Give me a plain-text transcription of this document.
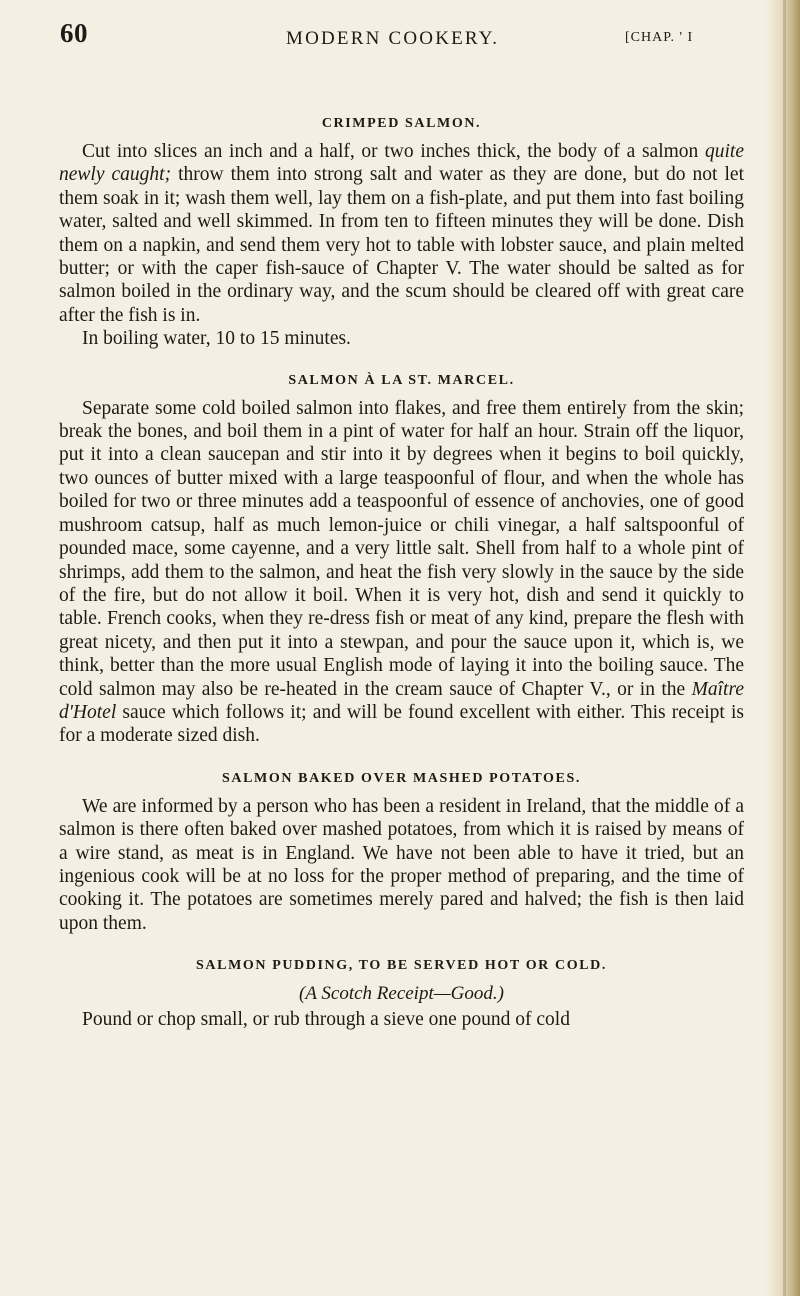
60	MODERN COOKERY.	[CHAP. ' I
CRIMPED SALMON.

Cut into slices an inch and a half, or two inches thick, the body of a salmon quite newly caught; throw them into strong salt and water as they are done, but do not let them soak in it; wash them well, lay them on a fish-plate, and put them into fast boiling water, salted and well skimmed. In from ten to fifteen minutes they will be done. Dish them on a napkin, and send them very hot to table with lobster sauce, and plain melted butter; or with the caper fish-sauce of Chapter V. The water should be salted as for salmon boiled in the ordinary way, and the scum should be cleared off with great care after the fish is in.

In boiling water, 10 to 15 minutes.

SALMON À LA ST. MARCEL.

Separate some cold boiled salmon into flakes, and free them entirely from the skin; break the bones, and boil them in a pint of water for half an hour. Strain off the liquor, put it into a clean saucepan and stir into it by degrees when it begins to boil quickly, two ounces of butter mixed with a large teaspoonful of flour, and when the whole has boiled for two or three minutes add a teaspoonful of essence of anchovies, one of good mushroom catsup, half as much lemon-juice or chili vinegar, a half saltspoonful of pounded mace, some cayenne, and a very little salt. Shell from half to a whole pint of shrimps, add them to the salmon, and heat the fish very slowly in the sauce by the side of the fire, but do not allow it boil. When it is very hot, dish and send it quickly to table. French cooks, when they re-dress fish or meat of any kind, prepare the flesh with great nicety, and then put it into a stewpan, and pour the sauce upon it, which is, we think, better than the more usual English mode of laying it into the boiling sauce. The cold salmon may also be re-heated in the cream sauce of Chapter V., or in the Maître d'Hotel sauce which follows it; and will be found excellent with either. This receipt is for a moderate sized dish.

SALMON BAKED OVER MASHED POTATOES.

We are informed by a person who has been a resident in Ireland, that the middle of a salmon is there often baked over mashed potatoes, from which it is raised by means of a wire stand, as meat is in England. We have not been able to have it tried, but an ingenious cook will be at no loss for the proper method of preparing, and the time of cooking it. The potatoes are sometimes merely pared and halved; the fish is then laid upon them.

SALMON PUDDING, TO BE SERVED HOT OR COLD.

(A Scotch Receipt—Good.)

Pound or chop small, or rub through a sieve one pound of cold
